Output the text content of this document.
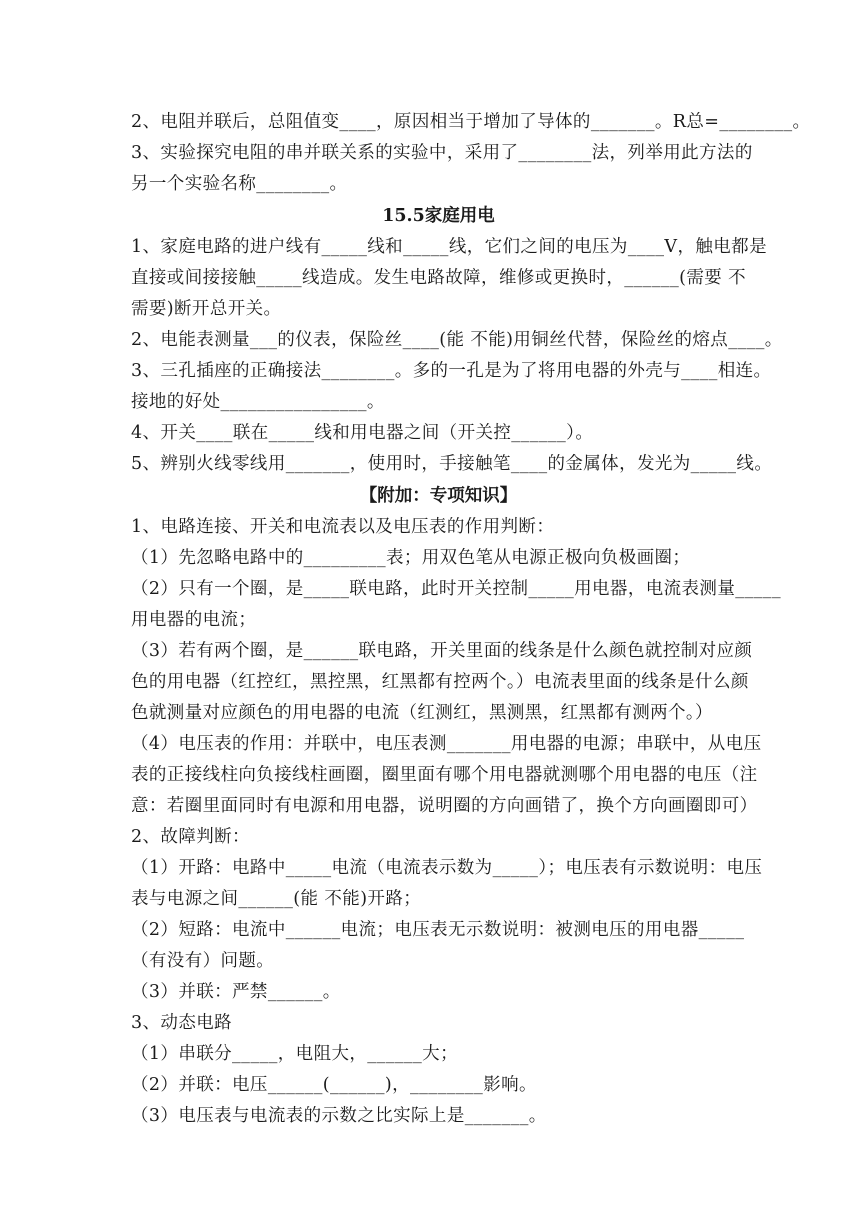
2、电阻并联后，总阻值变____，原因相当于增加了导体的_______。R总=________。

3、实验探究电阻的串并联关系的实验中，采用了________法，列举用此方法的

另一个实验名称________。

15.5家庭用电

1、家庭电路的进户线有_____线和_____线，它们之间的电压为____V，触电都是

直接或间接接触_____线造成。发生电路故障，维修或更换时，______(需要 不

需要)断开总开关。

2、电能表测量___的仪表，保险丝____(能 不能)用铜丝代替，保险丝的熔点____。

3、三孔插座的正确接法________。多的一孔是为了将用电器的外壳与____相连。

接地的好处________________。

4、开关____联在_____线和用电器之间（开关控______）。

5、辨别火线零线用_______，使用时，手接触笔____的金属体，发光为_____线。

【附加：专项知识】

1、电路连接、开关和电流表以及电压表的作用判断：

（1）先忽略电路中的_________表；用双色笔从电源正极向负极画圈；

（2）只有一个圈，是_____联电路，此时开关控制_____用电器，电流表测量_____

用电器的电流；

（3）若有两个圈，是______联电路，开关里面的线条是什么颜色就控制对应颜

色的用电器（红控红，黑控黑，红黑都有控两个。）电流表里面的线条是什么颜

色就测量对应颜色的用电器的电流（红测红，黑测黑，红黑都有测两个。）

（4）电压表的作用：并联中，电压表测_______用电器的电源；串联中，从电压

表的正接线柱向负接线柱画圈，圈里面有哪个用电器就测哪个用电器的电压（注

意：若圈里面同时有电源和用电器，说明圈的方向画错了，换个方向画圈即可）

2、故障判断：

（1）开路：电路中_____电流（电流表示数为_____）；电压表有示数说明：电压

表与电源之间______(能 不能)开路；

（2）短路：电流中______电流；电压表无示数说明：被测电压的用电器_____

（有没有）问题。

（3）并联：严禁______。

3、动态电路

（1）串联分_____，电阻大，______大；

（2）并联：电压______(______)，________影响。

（3）电压表与电流表的示数之比实际上是_______。
